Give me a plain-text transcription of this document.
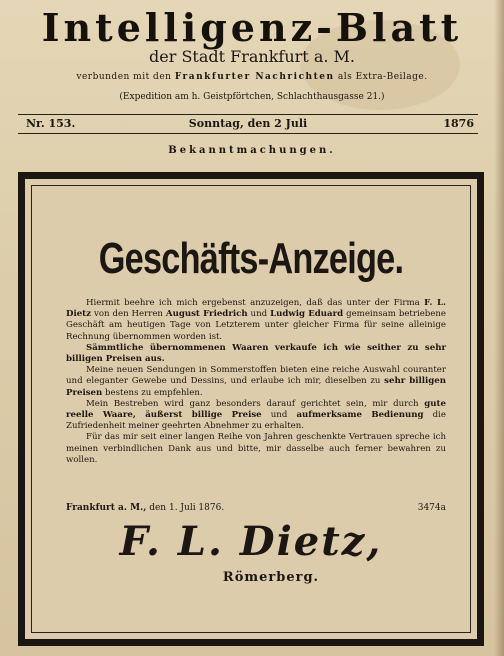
Intelligenz-Blatt
der Stadt Frankfurt a. M.
verbunden mit den Frankfurter Nachrichten als Extra-Beilage.
(Expedition am h. Geistpförtchen, Schlachthausgasse 21.)
Sonntag, den 2 Juli
Nr. 153.	1876
Bekanntmachungen.
Geschäfts-Anzeige.

Hiermit beehre ich mich ergebenst anzuzeigen, daß das unter der Firma F. L. Dietz von den Herren August Friedrich und Ludwig Eduard gemeinsam betriebene Geschäft am heutigen Tage von Letzterem unter gleicher Firma für seine alleinige Rechnung übernommen worden ist.

Sämmtliche übernommenen Waaren verkaufe ich wie seither zu sehr billigen Preisen aus.

Meine neuen Sendungen in Sommerstoffen bieten eine reiche Auswahl couranter und eleganter Gewebe und Dessins, und erlaube ich mir, dieselben zu sehr billigen Preisen bestens zu empfehlen.

Mein Bestreben wird ganz besonders darauf gerichtet sein, mir durch gute reelle Waare, äußerst billige Preise und aufmerksame Bedienung die Zufriedenheit meiner geehrten Abnehmer zu erhalten.

Für das mir seit einer langen Reihe von Jahren geschenkte Vertrauen spreche ich meinen verbindlichen Dank aus und bitte, mir dasselbe auch ferner bewahren zu wollen.

Frankfurt a. M., den 1. Juli 1876.	3474a
F. L. Dietz,
Römerberg.
